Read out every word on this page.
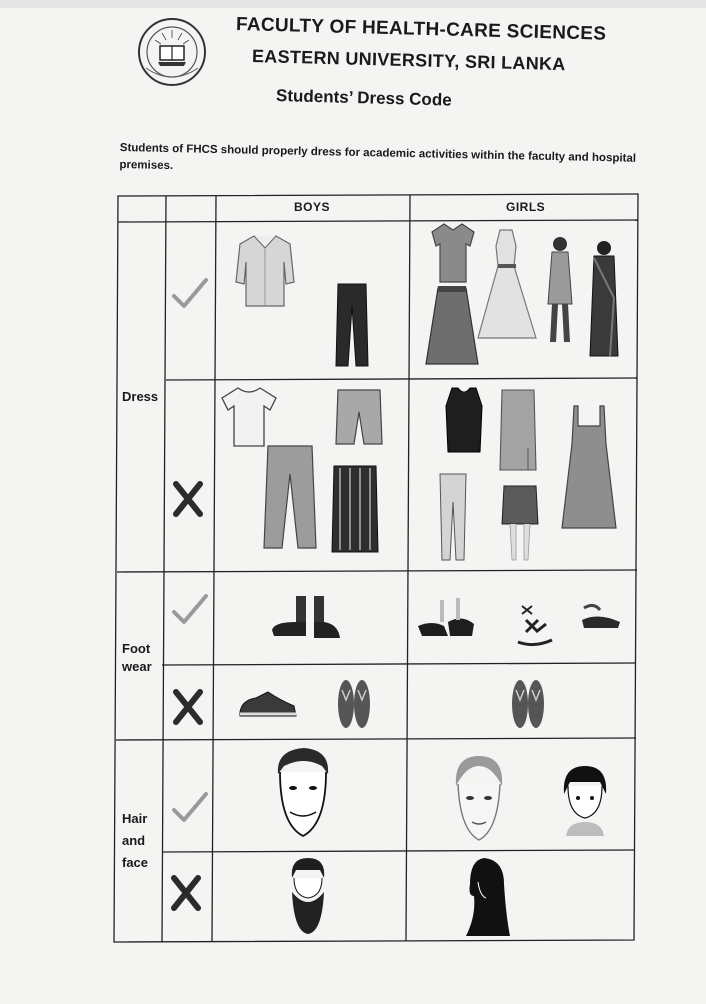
FACULTY OF HEALTH-CARE SCIENCES
EASTERN UNIVERSITY, SRI LANKA
Students’ Dress Code
Students of FHCS should properly dress for academic activities within the faculty and hospital premises.
BOYS	GIRLS
Dress
Foot
wear
Hair
and
face
